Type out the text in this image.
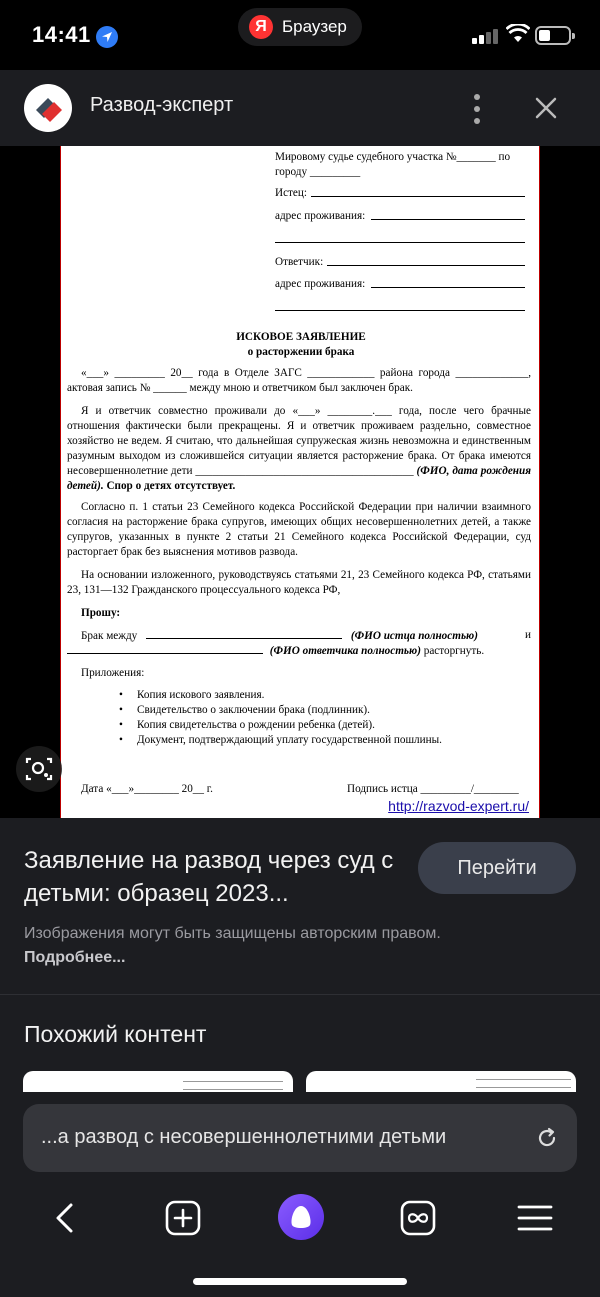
14:41	Я Браузер
Развод-эксперт
Мировому судье судебного участка №_______ по
городу _________
Истец:
адрес проживания:
Ответчик:
адрес проживания:
ИСКОВОЕ ЗАЯВЛЕНИЕ
о расторжении брака
«___» _________ 20__ года в Отделе ЗАГС ____________ района города _____________, актовая запись № ______ между мною и ответчиком был заключен брак.
Я и ответчик совместно проживали до «___» ________.___ года, после чего брачные отношения фактически были прекращены. Я и ответчик проживаем раздельно, совместное хозяйство не ведем. Я считаю, что дальнейшая супружеская жизнь невозможна и единственным разумным выходом из сложившейся ситуации является расторжение брака. От брака имеются несовершеннолетние дети _______________________________________ (ФИО, дата рождения детей). Спор о детях отсутствует.
Согласно п. 1 статьи 23 Семейного кодекса Российской Федерации при наличии взаимного согласия на расторжение брака супругов, имеющих общих несовершеннолетних детей, а также супругов, указанных в пункте 2 статьи 21 Семейного кодекса Российской Федерации, суд расторгает брак без выяснения мотивов развода.
На основании изложенного, руководствуясь статьями 21, 23 Семейного кодекса РФ, статьями 23, 131—132 Гражданского процессуального кодекса РФ,
Прошу:
Брак между	(ФИО истца полностью)	и
(ФИО ответчика полностью) расторгнуть.
Приложения:
• Копия искового заявления.
• Свидетельство о заключении брака (подлинник).
• Копия свидетельства о рождении ребенка (детей).
• Документ, подтверждающий уплату государственной пошлины.
Дата «___»________ 20__ г.	Подпись истца _________/________
http://razvod-expert.ru/
Заявление на развод через суд с детьми: образец 2023...
Перейти
Изображения могут быть защищены авторским правом. Подробнее...
Похожий контент
...а развод с несовершеннолетними детьми
